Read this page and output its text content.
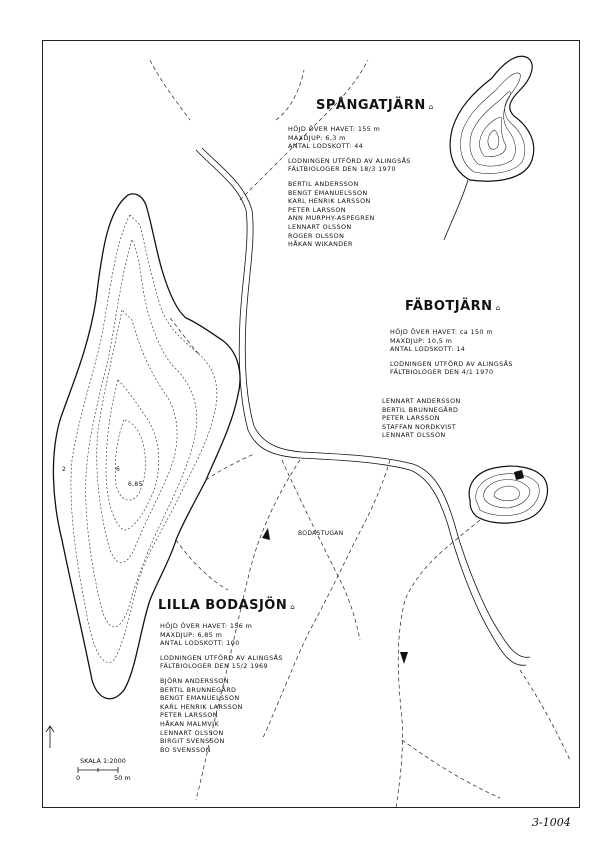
SPÅNGATJÄRN ⌂
HÖJD ÖVER HAVET: 155 m
MAXDJUP: 6,3 m
ANTAL LODSKOTT: 44
LODNINGEN UTFÖRD AV ALINGSÅS
FÄLTBIOLOGER DEN 18/3 1970
BERTIL ANDERSSON
BENGT EMANUELSSON
KARL HENRIK LARSSON
PETER LARSSON
ANN MURPHY-ASPEGREN
LENNART OLSSON
ROGER OLSSON
HÅKAN WIKANDER
FÄBOTJÄRN ⌂
HÖJD ÖVER HAVET: ca 150 m
MAXDJUP: 10,5 m
ANTAL LODSKOTT: 14
LODNINGEN UTFÖRD AV ALINGSÅS
FÄLTBIOLOGER DEN 4/1 1970
LENNART ANDERSSON
BERTIL BRUNNEGÅRD
PETER LARSSON
STAFFAN NORDKVIST
LENNART OLSSON
LILLA BODASJÖN ⌂
HÖJD ÖVER HAVET: 156 m
MAXDJUP: 6,85 m
ANTAL LODSKOTT: 100
LODNINGEN UTFÖRD AV ALINGSÅS
FÄLTBIOLOGER DEN 15/2 1969
BJÖRN ANDERSSON
BERTIL BRUNNEGÅRD
BENGT EMANUELSSON
KARL HENRIK LARSSON
PETER LARSSON
HÅKAN MALMVIK
LENNART OLSSON
BIRGIT SVENSSON
BO SVENSSON
6,85
6
2
BODASTUGAN
SKALA 1:2000
0	50 m
3-1004
